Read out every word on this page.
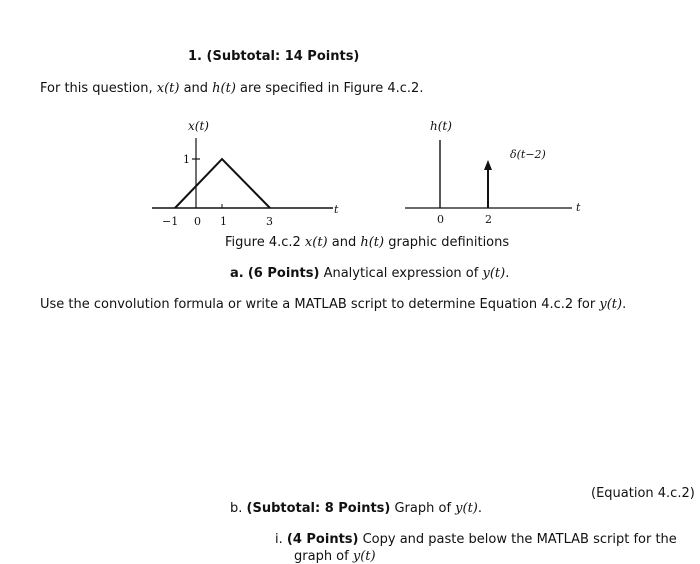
1. (Subtotal: 14 Points)
For this question, x(t) and h(t) are specified in Figure 4.c.2.
x(t)
1
−1 0 1	3
t
h(t)
δ(t−2)
0	2
t
Figure 4.c.2 x(t) and h(t) graphic definitions
a. (6 Points) Analytical expression of y(t).
Use the convolution formula or write a MATLAB script to determine Equation 4.c.2 for y(t).
(Equation 4.c.2)
b. (Subtotal: 8 Points) Graph of y(t).
i. (4 Points) Copy and paste below the MATLAB script for the
graph of y(t)
